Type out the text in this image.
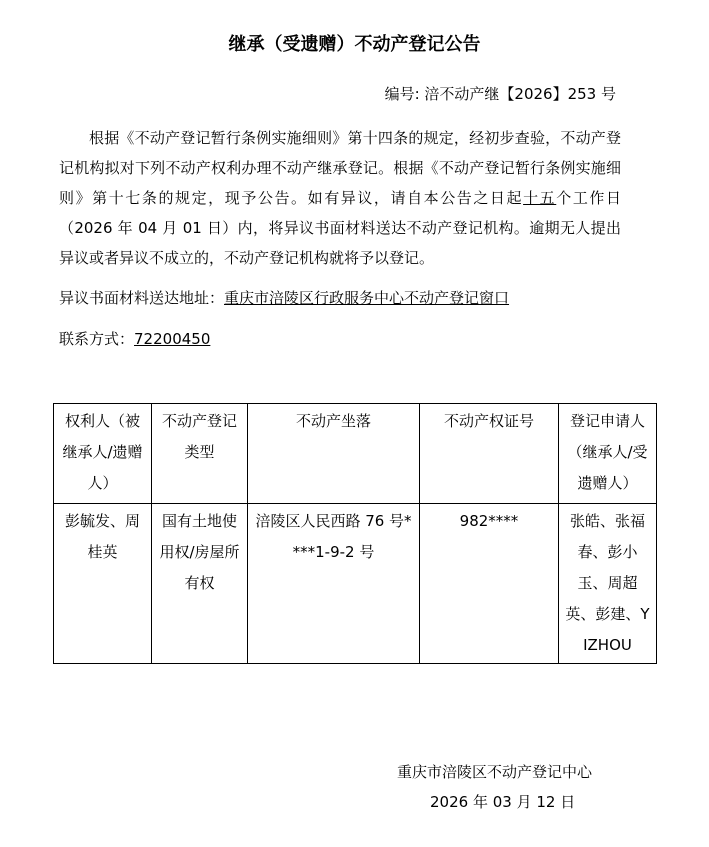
继承（受遗赠）不动产登记公告
编号: 涪不动产继【2026】253 号

根据《不动产登记暂行条例实施细则》第十四条的规定，经初步查验，不动产登记机构拟对下列不动产权利办理不动产继承登记。根据《不动产登记暂行条例实施细则》第十七条的规定，现予公告。如有异议，请自本公告之日起十五个工作日（2026 年 04 月 01 日）内，将异议书面材料送达不动产登记机构。逾期无人提出异议或者异议不成立的，不动产登记机构就将予以登记。

异议书面材料送达地址：重庆市涪陵区行政服务中心不动产登记窗口
联系方式：72200450
权利人（被继承人/遗赠人）	不动产登记类型	不动产坐落	不动产权证号	登记申请人（继承人/受遗赠人）
彭毓发、周桂英	国有土地使用权/房屋所有权	涪陵区人民西路 76 号****1-9-2 号	982****	张皓、张福春、彭小玉、周超英、彭建、YIZHOU
重庆市涪陵区不动产登记中心
2026 年 03 月 12 日
